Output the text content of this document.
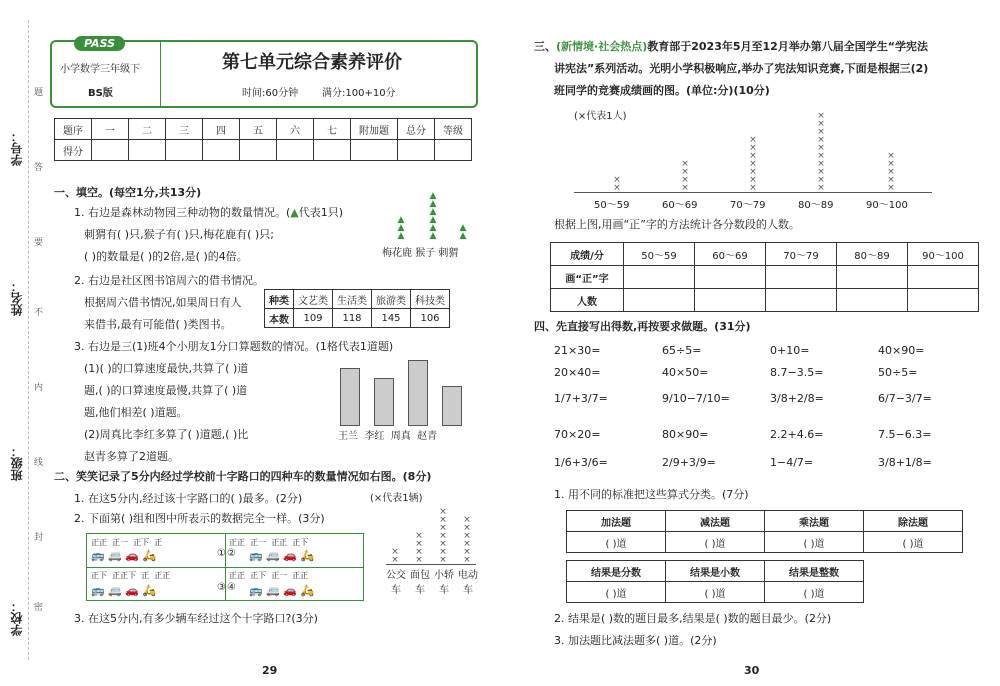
学号：
姓名：
班级：
学校：
题
答
要
不
内
线
封
密
PASS
小学数学三年级下
BS版
第七单元综合素养评价
时间:60分钟 满分:100+10分
题序	一	二	三	四	五	六	七	附加题	总分	等级
得分										
一、填空。(每空1分,共13分)
1. 右边是森林动物园三种动物的数量情况。(▲代表1只)
刺猬有( )只,猴子有( )只,梅花鹿有( )只;
( )的数量是( )的2倍,是( )的4倍。
▲
▲
▲
▲
▲
▲
▲
▲
▲
▲
▲
梅花鹿 猴子 刺猬
2. 右边是社区图书馆周六的借书情况。
根据周六借书情况,如果周日有人
来借书,最有可能借( )类图书。
种类	文艺类	生活类	旅游类	科技类
本数	109	118	145	106
3. 右边是三(1)班4个小朋友1分口算题数的情况。(1格代表1道题)
(1)( )的口算速度最快,共算了( )道
题,( )的口算速度最慢,共算了( )道
题,他们相差( )道题。
(2)周真比李红多算了( )道题,( )比
赵青多算了2道题。
王兰 李红 周真 赵青
二、笑笑记录了5分内经过学校前十字路口的四种车的数量情况如右图。(8分)
1. 在这5分内,经过该十字路口的( )最多。(2分)	(×代表1辆)
2. 下面第( )组和图中所表示的数据完全一样。(3分)
正正 正一 正下 正	正正 正一 正正 正下
正下 正正下 正 正正	正正 正下 正一 正正
🚌 🚐 🚗 🛵	① ② 🚌 🚐 🚗 🛵
🚌 🚐 🚗 🛵	③ ④ 🚌 🚐 🚗 🛵
×
×
×
×
×
×
×
×
×
×
×
×
×
×
×
×
×
×
×
公交车
面包车
小轿车
电动车
3. 在这5分内,有多少辆车经过这个十字路口?(3分)
29	30
三、(新情境·社会热点)教育部于2023年5月至12月举办第八届全国学生“学宪法
讲宪法”系列活动。光明小学积极响应,举办了宪法知识竞赛,下面是根据三(2)
班同学的竞赛成绩画的图。(单位:分)(10分)
(×代表1人)
×
×
×
×
×
×
×
×
×
×
×
×
×
×
×
×
×
×
×
×
×
×
×
×
×
×
×
×
50～59	60～69	70～79	80～89	90～100
根据上图,用画“正”字的方法统计各分数段的人数。
成绩/分	50～59	60～69	70～79	80～89	90～100
画“正”字					
人数					
四、先直接写出得数,再按要求做题。(31分)
21×30=	65÷5=	0+10=	40×90=
20×40=	40×50=	8.7−3.5=	50÷5=
1/7+3/7=	9/10−7/10=	3/8+2/8=	6/7−3/7=
70×20=	80×90=	2.2+4.6=	7.5−6.3=
1/6+3/6=	2/9+3/9=	1−4/7=	3/8+1/8=
1. 用不同的标准把这些算式分类。(7分)
加法题	减法题	乘法题	除法题
( )道	( )道	( )道	( )道
结果是分数	结果是小数	结果是整数
( )道	( )道	( )道
2. 结果是( )数的题目最多,结果是( )数的题目最少。(2分)
3. 加法题比减法题多( )道。(2分)
